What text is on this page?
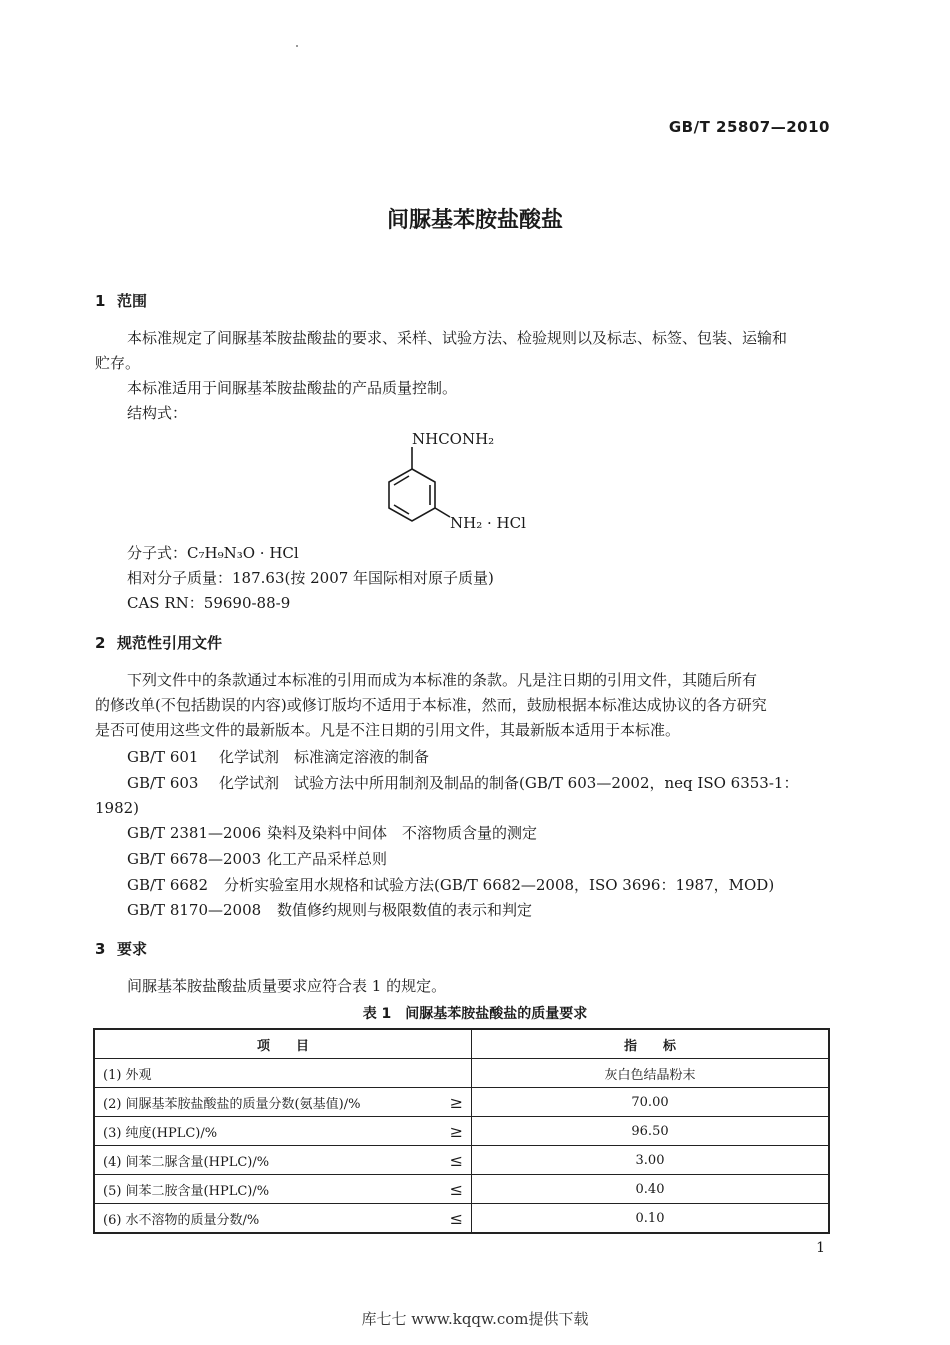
GB/T 25807—2010
间脲基苯胺盐酸盐
1 范围
本标准规定了间脲基苯胺盐酸盐的要求、采样、试验方法、检验规则以及标志、标签、包装、运输和
贮存。
本标准适用于间脲基苯胺盐酸盐的产品质量控制。
结构式：
NHCONH₂
NH₂ · HCl
分子式：C₇H₉N₃O · HCl
相对分子质量：187.63(按 2007 年国际相对原子质量)
CAS RN：59690-88-9
2 规范性引用文件
下列文件中的条款通过本标准的引用而成为本标准的条款。凡是注日期的引用文件，其随后所有
的修改单(不包括勘误的内容)或修订版均不适用于本标准，然而，鼓励根据本标准达成协议的各方研究
是否可使用这些文件的最新版本。凡是不注日期的引用文件，其最新版本适用于本标准。
GB/T 601 化学试剂　标准滴定溶液的制备
GB/T 603 化学试剂　试验方法中所用制剂及制品的制备(GB/T 603—2002，neq ISO 6353-1：
1982)
GB/T 2381—2006 染料及染料中间体　不溶物质含量的测定
GB/T 6678—2003 化工产品采样总则
GB/T 6682 分析实验室用水规格和试验方法(GB/T 6682—2008，ISO 3696：1987，MOD)
GB/T 8170—2008 数值修约规则与极限数值的表示和判定
3 要求
间脲基苯胺盐酸盐质量要求应符合表 1 的规定。
表 1　间脲基苯胺盐酸盐的质量要求
项　　目	指　　标
(1) 外观	灰白色结晶粉末
(2) 间脲基苯胺盐酸盐的质量分数(氨基值)/% ≥	70.00
(3) 纯度(HPLC)/% ≥	96.50
(4) 间苯二脲含量(HPLC)/% ≤	3.00
(5) 间苯二胺含量(HPLC)/% ≤	0.40
(6) 水不溶物的质量分数/% ≤	0.10
1
库七七 www.kqqw.com提供下载
